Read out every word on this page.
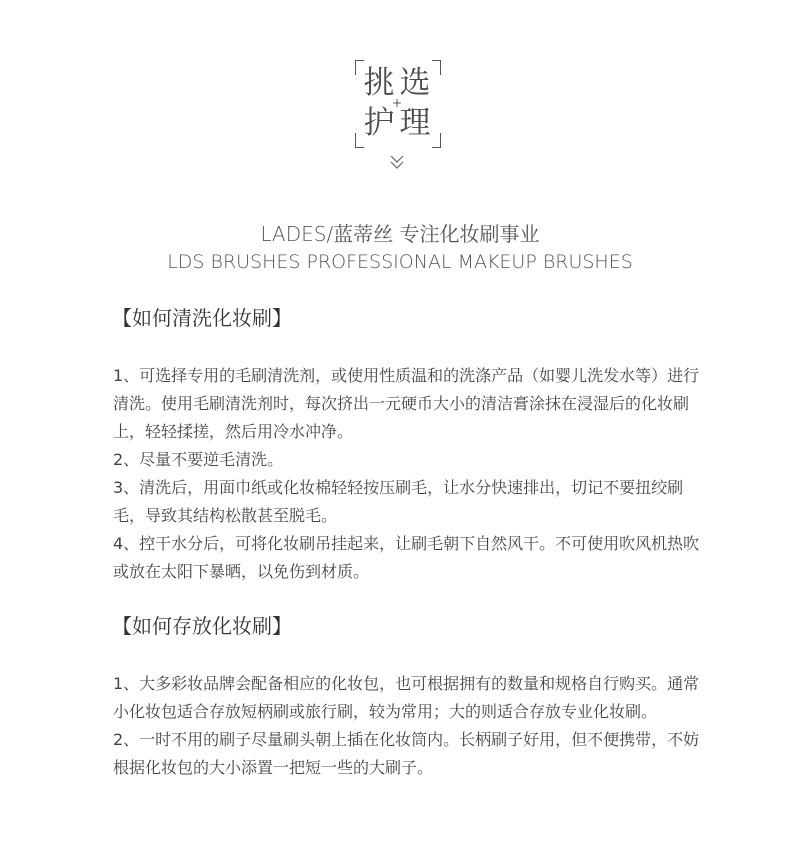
挑 选
护 理
+
LADES/蓝蒂丝 专注化妆刷事业
LDS BRUSHES PROFESSIONAL MAKEUP BRUSHES
【如何清洗化妆刷】

1、可选择专用的毛刷清洗剂，或使用性质温和的洗涤产品（如婴儿洗发水等）进行清洗。使用毛刷清洗剂时，每次挤出一元硬币大小的清洁膏涂抹在浸湿后的化妆刷上，轻轻揉搓，然后用冷水冲净。

2、尽量不要逆毛清洗。

3、清洗后，用面巾纸或化妆棉轻轻按压刷毛，让水分快速排出，切记不要扭绞刷毛，导致其结构松散甚至脱毛。

4、控干水分后，可将化妆刷吊挂起来，让刷毛朝下自然风干。不可使用吹风机热吹或放在太阳下暴晒，以免伤到材质。

【如何存放化妆刷】

1、大多彩妆品牌会配备相应的化妆包，也可根据拥有的数量和规格自行购买。通常小化妆包适合存放短柄刷或旅行刷，较为常用；大的则适合存放专业化妆刷。

2、一时不用的刷子尽量刷头朝上插在化妆筒内。长柄刷子好用，但不便携带，不妨根据化妆包的大小添置一把短一些的大刷子。
